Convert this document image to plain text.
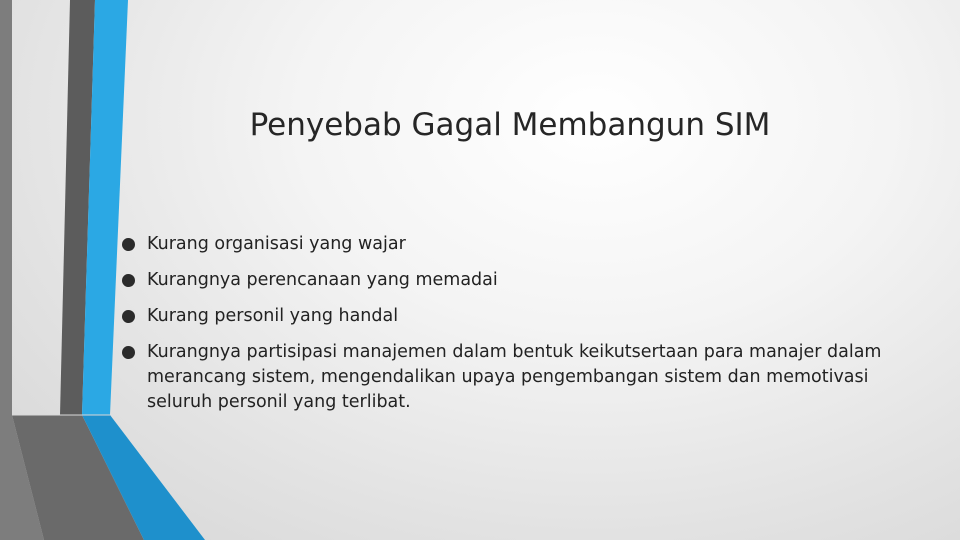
Penyebab Gagal Membangun SIM
Kurang organisasi yang wajar
Kurangnya perencanaan yang memadai
Kurang personil yang handal
Kurangnya partisipasi manajemen dalam bentuk keikutsertaan para manajer dalam merancang sistem, mengendalikan upaya pengembangan sistem dan memotivasi seluruh personil yang terlibat.
